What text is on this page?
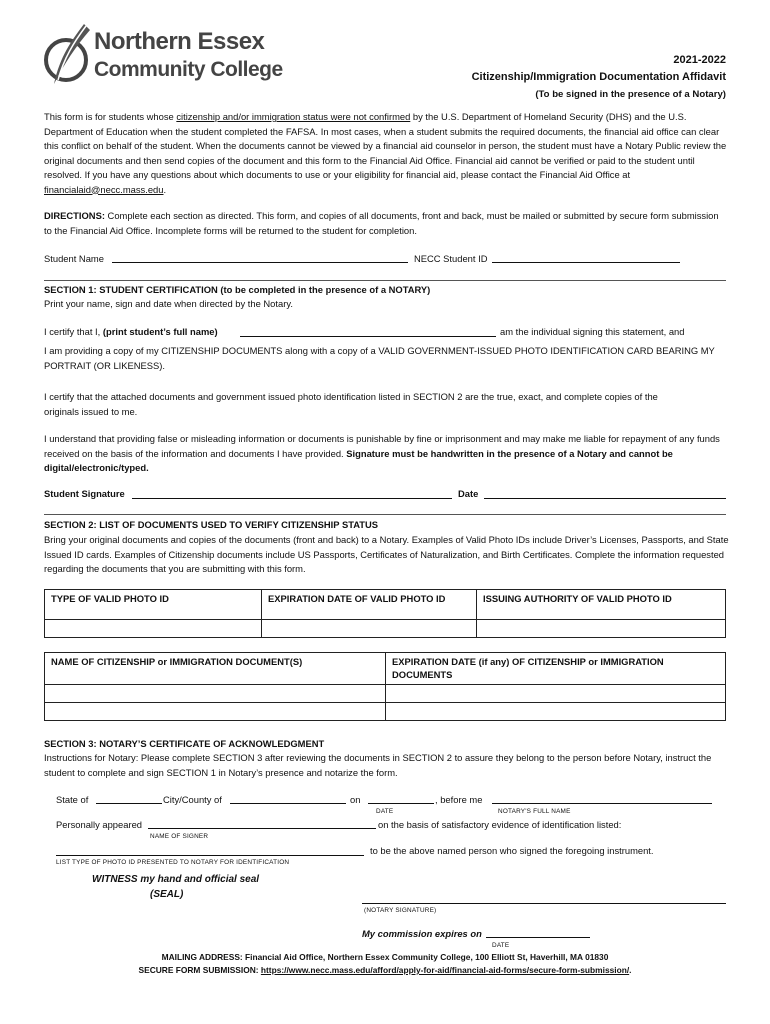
Northern Essex
Community College	2021-2022
Citizenship/Immigration Documentation Affidavit
(To be signed in the presence of a Notary)

This form is for students whose citizenship and/or immigration status were not confirmed by the U.S. Department of Homeland Security (DHS) and the U.S. Department of Education when the student completed the FAFSA. In most cases, when a student submits the required documents, the financial aid office can clear this conflict on behalf of the student. When the documents cannot be viewed by a financial aid counselor in person, the student must have a Notary Public review the original documents and then send copies of the document and this form to the Financial Aid Office. Financial aid cannot be verified or paid to the student until resolved. If you have any questions about which documents to use or your eligibility for financial aid, please contact the Financial Aid Office at financialaid@necc.mass.edu.

DIRECTIONS: Complete each section as directed. This form, and copies of all documents, front and back, must be mailed or submitted by secure form submission to the Financial Aid Office. Incomplete forms will be returned to the student for completion.

Student Name	NECC Student ID
SECTION 1: STUDENT CERTIFICATION (to be completed in the presence of a NOTARY)
Print your name, sign and date when directed by the Notary.
I certify that I, (print student’s full name)	am the individual signing this statement, and

I am providing a copy of my CITIZENSHIP DOCUMENTS along with a copy of a VALID GOVERNMENT-ISSUED PHOTO IDENTIFICATION CARD BEARING MY PORTRAIT (OR LIKENESS).

I certify that the attached documents and government issued photo identification listed in SECTION 2 are the true, exact, and complete copies of the originals issued to me.

I understand that providing false or misleading information or documents is punishable by fine or imprisonment and may make me liable for repayment of any funds received on the basis of the information and documents I have provided. Signature must be handwritten in the presence of a Notary and cannot be digital/electronic/typed.

Student Signature	Date
SECTION 2: LIST OF DOCUMENTS USED TO VERIFY CITIZENSHIP STATUS

Bring your original documents and copies of the documents (front and back) to a Notary. Examples of Valid Photo IDs include Driver’s Licenses, Passports, and State Issued ID cards. Examples of Citizenship documents include US Passports, Certificates of Naturalization, and Birth Certificates. Complete the information requested regarding the documents that you are submitting with this form.

TYPE OF VALID PHOTO ID	EXPIRATION DATE OF VALID PHOTO ID	ISSUING AUTHORITY OF VALID PHOTO ID

NAME OF CITIZENSHIP or IMMIGRATION DOCUMENT(S)	EXPIRATION DATE (if any) OF CITIZENSHIP or IMMIGRATION DOCUMENTS

SECTION 3: NOTARY’S CERTIFICATE OF ACKNOWLEDGMENT

Instructions for Notary: Please complete SECTION 3 after reviewing the documents in SECTION 2 to assure they belong to the person before Notary, instruct the student to complete and sign SECTION 1 in Notary’s presence and notarize the form.

State of	City/County of	on	, before me
DATE	NOTARY'S FULL NAME
Personally appeared	on the basis of satisfactory evidence of identification listed:
NAME OF SIGNER
to be the above named person who signed the foregoing instrument.
LIST TYPE OF PHOTO ID PRESENTED TO NOTARY FOR IDENTIFICATION
WITNESS my hand and official seal
(SEAL)
(NOTARY SIGNATURE)
My commission expires on
DATE
MAILING ADDRESS: Financial Aid Office, Northern Essex Community College, 100 Elliott St, Haverhill, MA 01830
SECURE FORM SUBMISSION: https://www.necc.mass.edu/afford/apply-for-aid/financial-aid-forms/secure-form-submission/.
